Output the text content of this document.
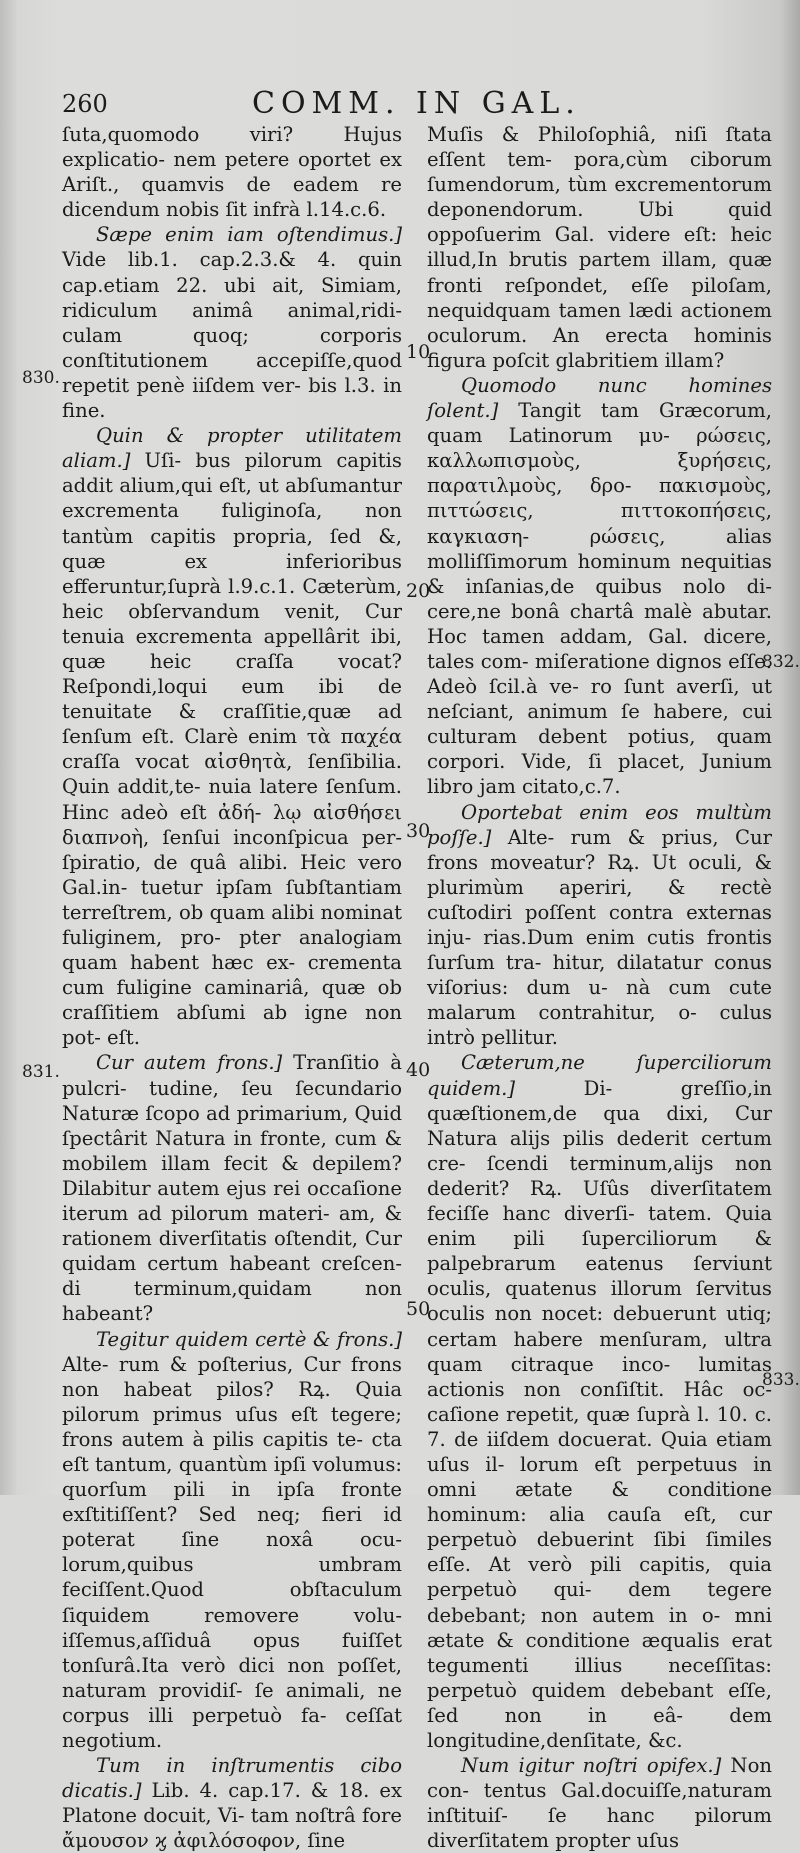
260	COMM. IN GAL.

ſuta,quomodo viri? Hujus explicatio- nem petere oportet ex Ariſt., quamvis de eadem re dicendum nobis ſit infrà l.14.c.6.

Sæpe enim iam oſtendimus.] Vide lib.1. cap.2.3.& 4. quin cap.etiam 22. ubi ait, Simiam, ridiculum animâ animal,ridi- culam quoq; corporis conſtitutionem accepiſſe,quod repetit penè iiſdem ver- bis l.3. in fine.

Quin & propter utilitatem aliam.] Uſi- bus pilorum capitis addit alium,qui eſt, ut abſumantur excrementa fuliginoſa, non tantùm capitis propria, ſed &, quæ ex inferioribus efferuntur,ſuprà l.9.c.1. Cæterùm, heic obſervandum venit, Cur tenuia excrementa appellârit ibi, quæ heic craſſa vocat? Reſpondi,loqui eum ibi de tenuitate & craſſitie,quæ ad ſenſum eſt. Clarè enim τὰ παχέα craſſa vocat αἰσθητὰ, ſenſibilia. Quin addit,te- nuia latere ſenſum. Hinc adeò eſt ἀδή- λῳ αἰσθήσει διαπνοὴ, ſenſui inconſpicua per- ſpiratio, de quâ alibi. Heic vero Gal.in- tuetur ipſam ſubſtantiam terreſtrem, ob quam alibi nominat fuliginem, pro- pter analogiam quam habent hæc ex- crementa cum fuligine caminariâ, quæ ob craſſitiem abſumi ab igne non pot- eſt.

Cur autem frons.] Tranſitio à pulcri- tudine, ſeu ſecundario Naturæ ſcopo ad primarium, Quid ſpectârit Natura in fronte, cum & mobilem illam fecit & depilem? Dilabitur autem ejus rei occaſione iterum ad pilorum materi- am, & rationem diverſitatis oſtendit, Cur quidam certum habeant creſcen- di terminum,quidam non habeant?

Tegitur quidem certè & frons.] Alte- rum & poſterius, Cur frons non habeat pilos? Rꝝ. Quia pilorum primus uſus eſt tegere; frons autem à pilis capitis te- cta eſt tantum, quantùm ipſi volumus: quorſum pili in ipſa fronte exſtitiſſent? Sed neq; fieri id poterat ſine noxâ ocu- lorum,quibus umbram feciſſent.Quod obſtaculum ſiquidem removere volu- iſſemus,aſſiduâ opus fuiſſet tonſurâ.Ita verò dici non poſſet, naturam providiſ- ſe animali, ne corpus illi perpetuò fa- ceſſat negotium.

Tum in inſtrumentis cibo dicatis.] Lib. 4. cap.17. & 18. ex Platone docuit, Vi- tam noſtrâ fore ἄμουσον ϗ ἀφιλόσοφον, ſine

Muſis & Philoſophiâ, niſi ſtata eſſent tem- pora,cùm ciborum ſumendorum, tùm excrementorum deponendorum. Ubi quid oppoſuerim Gal. videre eſt: heic illud,In brutis partem illam, quæ fronti reſpondet, eſſe piloſam, nequidquam tamen lædi actionem oculorum. An erecta hominis figura poſcit glabritiem illam?

Quomodo nunc homines ſolent.] Tangit tam Græcorum, quam Latinorum μυ- ρώσεις, καλλωπισμοὺς, ξυρήσεις, παρατιλμοὺς, δρο- πακισμοὺς, πιττώσεις, πιττοκοπήσεις, καγκιαση- ρώσεις, alias molliſſimorum hominum nequitias & inſanias,de quibus nolo di- cere,ne bonâ chartâ malè abutar. Hoc tamen addam, Gal. dicere, tales com- miſeratione dignos eſſe. Adeò ſcil.à ve- ro ſunt averſi, ut neſciant, animum ſe habere, cui culturam debent potius, quam corpori. Vide, ſi placet, Junium libro jam citato,c.7.

Oportebat enim eos multùm poſſe.] Alte- rum & prius, Cur frons moveatur? Rꝝ. Ut oculi, & plurimùm aperiri, & rectè cuſtodiri poſſent contra externas inju- rias.Dum enim cutis frontis ſurſum tra- hitur, dilatatur conus viſorius: dum u- nà cum cute malarum contrahitur, o- culus intrò pellitur.

Cæterum,ne ſuperciliorum quidem.] Di- greſſio,in quæſtionem,de qua dixi, Cur Natura alijs pilis dederit certum cre- ſcendi terminum,alijs non dederit? Rꝝ. Uſûs diverſitatem feciſſe hanc diverſi- tatem. Quia enim pili ſuperciliorum & palpebrarum eatenus ſerviunt oculis, quatenus illorum ſervitus oculis non nocet: debuerunt utiq; certam habere menſuram, ultra quam citraque inco- lumitas actionis non conſiſtit. Hâc oc- caſione repetit, quæ ſuprà l. 10. c. 7. de iiſdem docuerat. Quia etiam uſus il- lorum eſt perpetuus in omni ætate & conditione hominum: alia cauſa eſt, cur perpetuò debuerint ſibi ſimiles eſſe. At verò pili capitis, quia perpetuò qui- dem tegere debebant; non autem in o- mni ætate & conditione æqualis erat tegumenti illius neceſſitas: perpetuò quidem debebant eſſe, ſed non in eâ- dem longitudine,denſitate, &c.

Num igitur noſtri opifex.] Non con- tentus Gal.docuiſſe,naturam inſtituiſ- ſe hanc pilorum diverſitatem propter uſus

10
20
30
40
50
830.
831.
832.
833.
